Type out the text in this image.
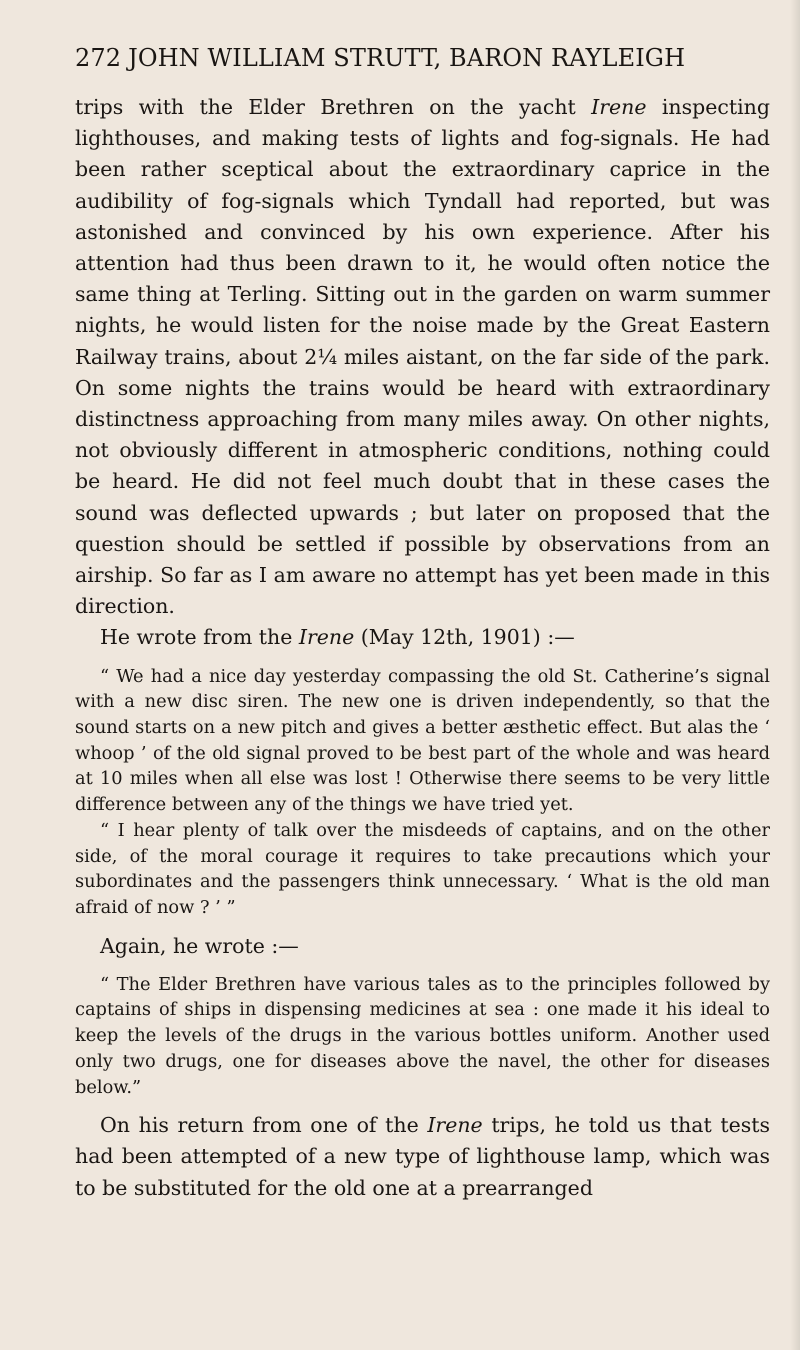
272 JOHN WILLIAM STRUTT, BARON RAYLEIGH

trips with the Elder Brethren on the yacht Irene inspecting lighthouses, and making tests of lights and fog-signals. He had been rather sceptical about the extraordinary caprice in the audibility of fog-signals which Tyndall had reported, but was astonished and convinced by his own experience. After his attention had thus been drawn to it, he would often notice the same thing at Terling. Sitting out in the garden on warm summer nights, he would listen for the noise made by the Great Eastern Railway trains, about 2¼ miles aistant, on the far side of the park. On some nights the trains would be heard with extraordinary distinctness approaching from many miles away. On other nights, not obviously different in atmospheric conditions, nothing could be heard. He did not feel much doubt that in these cases the sound was deflected upwards ; but later on proposed that the question should be settled if possible by observations from an airship. So far as I am aware no attempt has yet been made in this direction.

He wrote from the Irene (May 12th, 1901) :—

“ We had a nice day yesterday compassing the old St. Catherine’s signal with a new disc siren. The new one is driven independently, so that the sound starts on a new pitch and gives a better æsthetic effect. But alas the ‘ whoop ’ of the old signal proved to be best part of the whole and was heard at 10 miles when all else was lost ! Otherwise there seems to be very little difference between any of the things we have tried yet.

“ I hear plenty of talk over the misdeeds of captains, and on the other side, of the moral courage it requires to take precautions which your subordinates and the passengers think unnecessary. ‘ What is the old man afraid of now ? ’ ”

Again, he wrote :—

“ The Elder Brethren have various tales as to the principles followed by captains of ships in dispensing medicines at sea : one made it his ideal to keep the levels of the drugs in the various bottles uniform. Another used only two drugs, one for diseases above the navel, the other for diseases below.”

On his return from one of the Irene trips, he told us that tests had been attempted of a new type of lighthouse lamp, which was to be substituted for the old one at a prearranged
